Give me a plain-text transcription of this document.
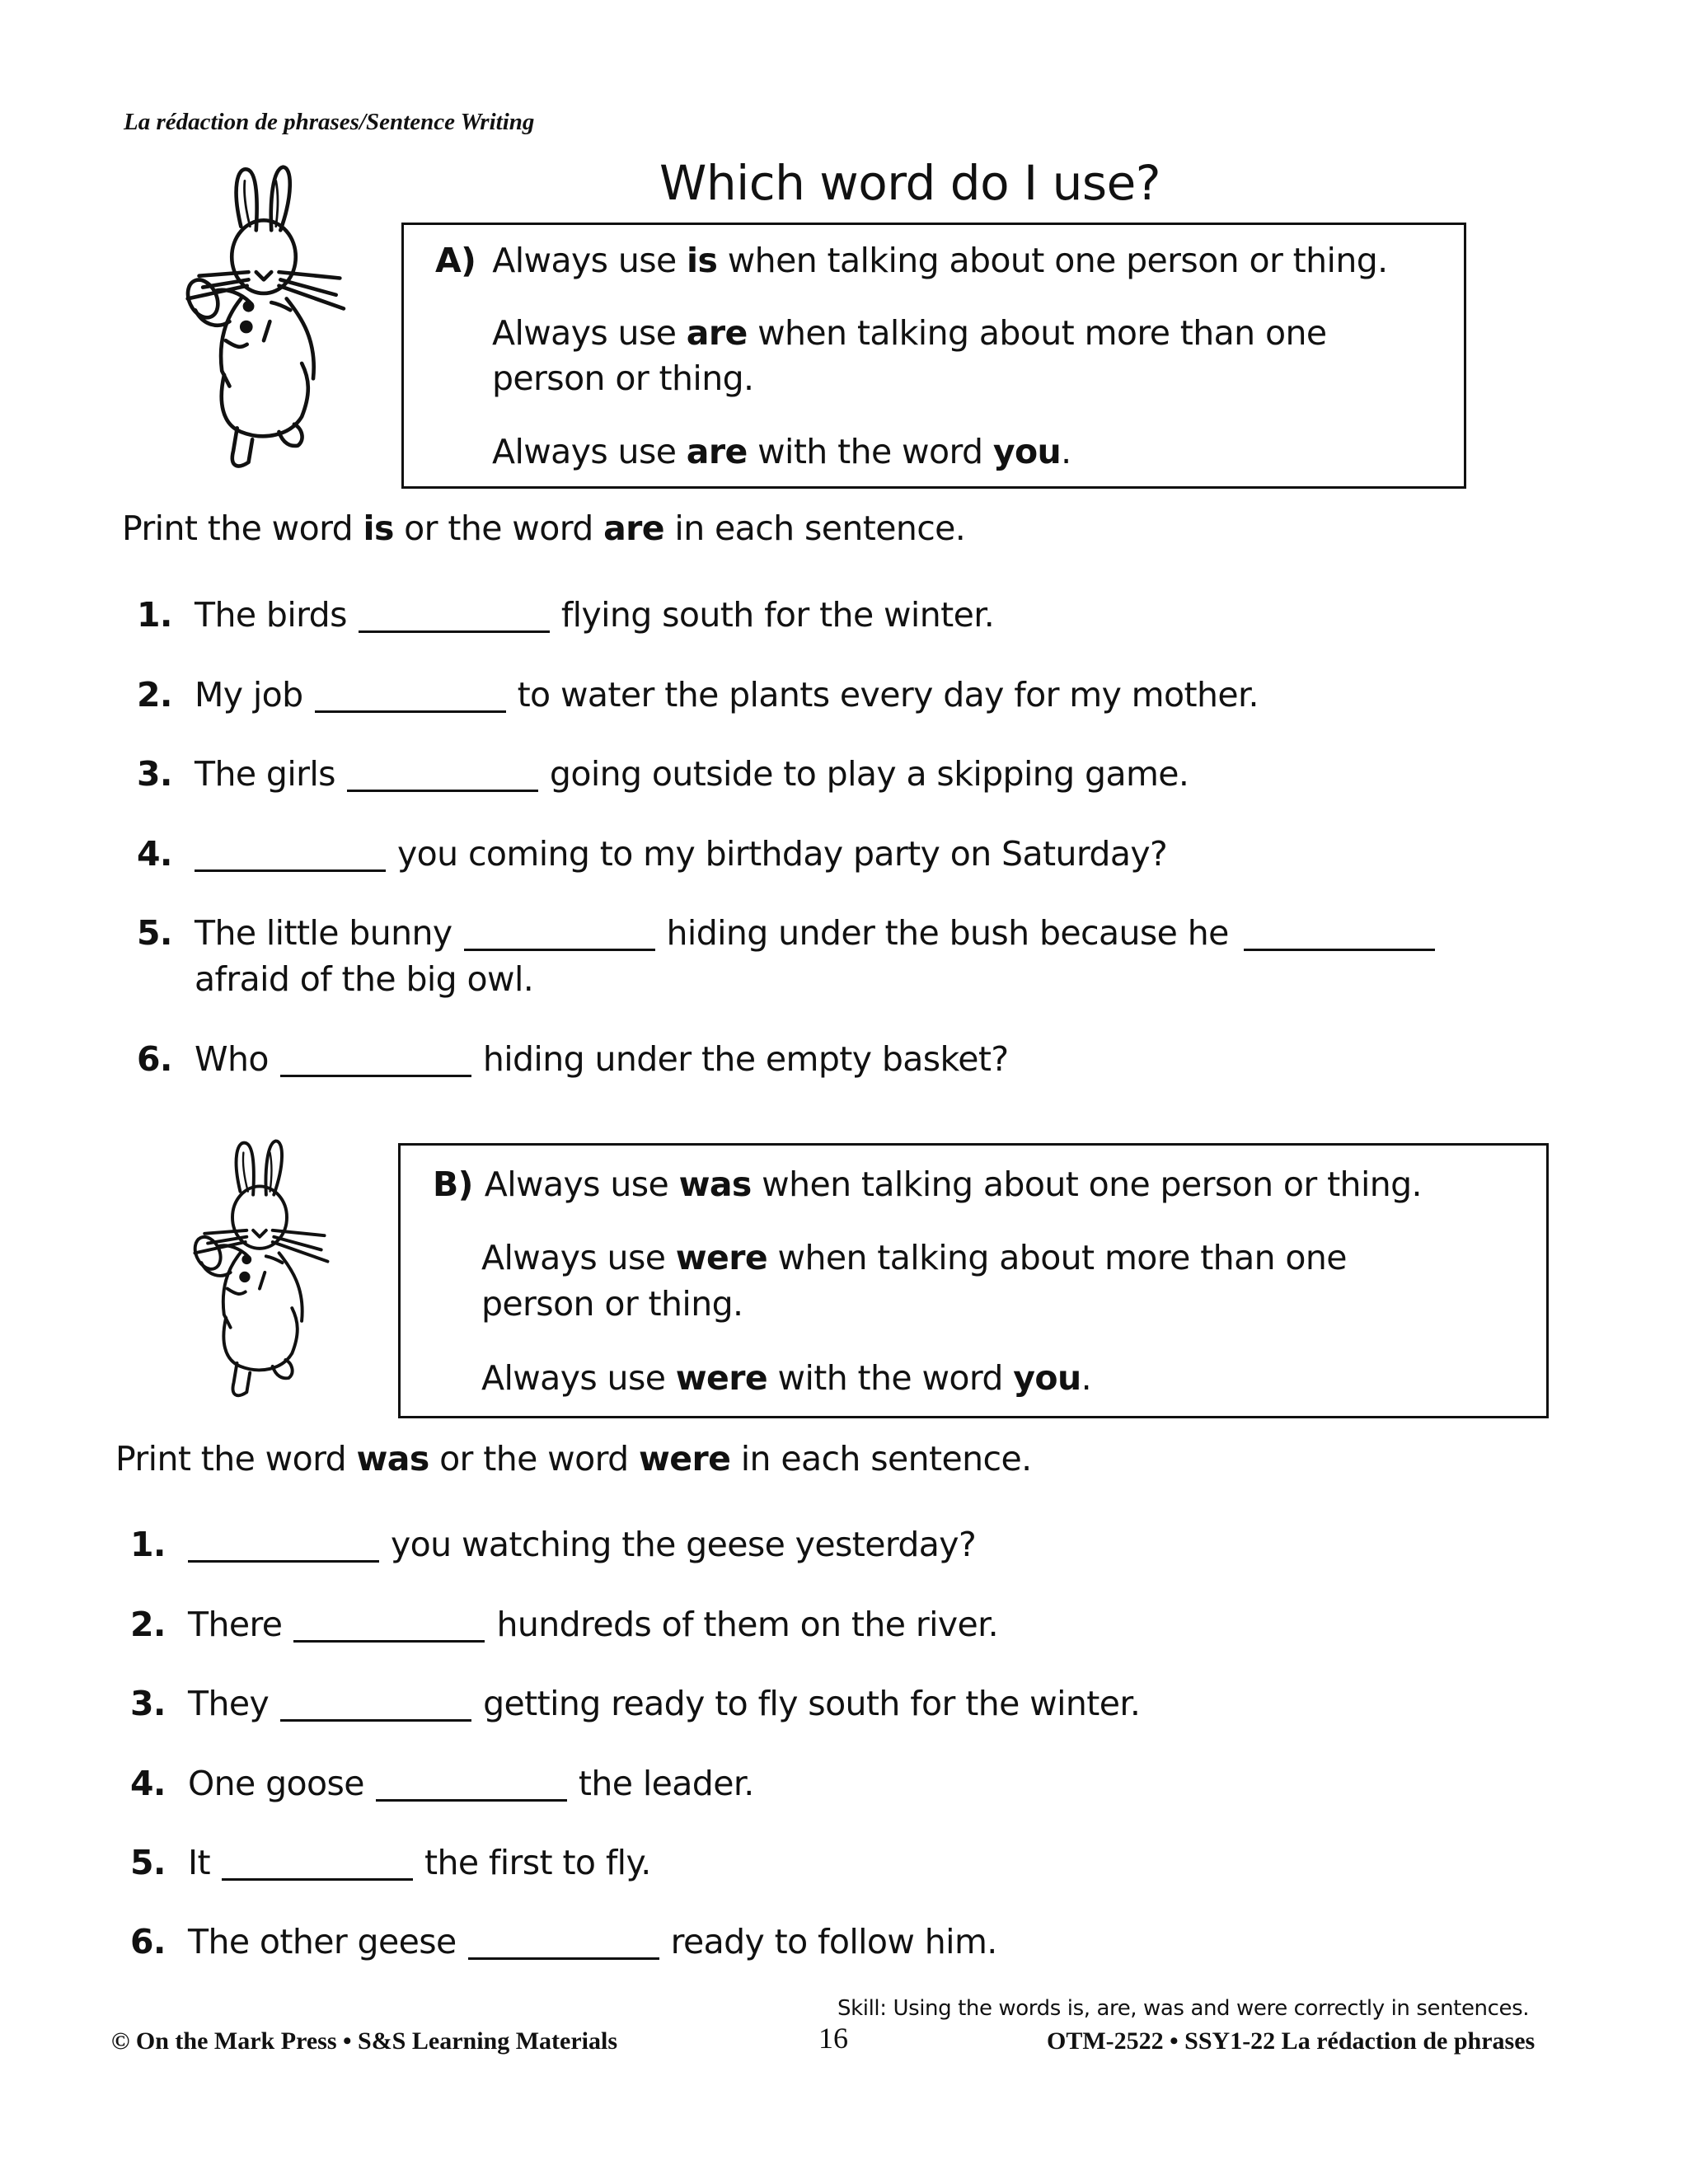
La rédaction de phrases/Sentence Writing
Which word do I use?
A) Always use is when talking about one person or thing.
Always use are when talking about more than one
person or thing.
Always use are with the word you.
Print the word is or the word are in each sentence.
1. The birds	flying south for the winter.
2. My job	to water the plants every day for my mother.
3. The girls	going outside to play a skipping game.
4.	you coming to my birthday party on Saturday?
5. The little bunny	hiding under the bush because he
afraid of the big owl.
6. Who	hiding under the empty basket?
B) Always use was when talking about one person or thing.
Always use were when talking about more than one
person or thing.
Always use were with the word you.
Print the word was or the word were in each sentence.
1.	you watching the geese yesterday?
2. There	hundreds of them on the river.
3. They	getting ready to fly south for the winter.
4. One goose	the leader.
5. It	the first to fly.
6. The other geese	ready to follow him.
Skill: Using the words is, are, was and were correctly in sentences.
© On the Mark Press • S&S Learning Materials	16	OTM-2522 • SSY1-22 La rédaction de phrases
